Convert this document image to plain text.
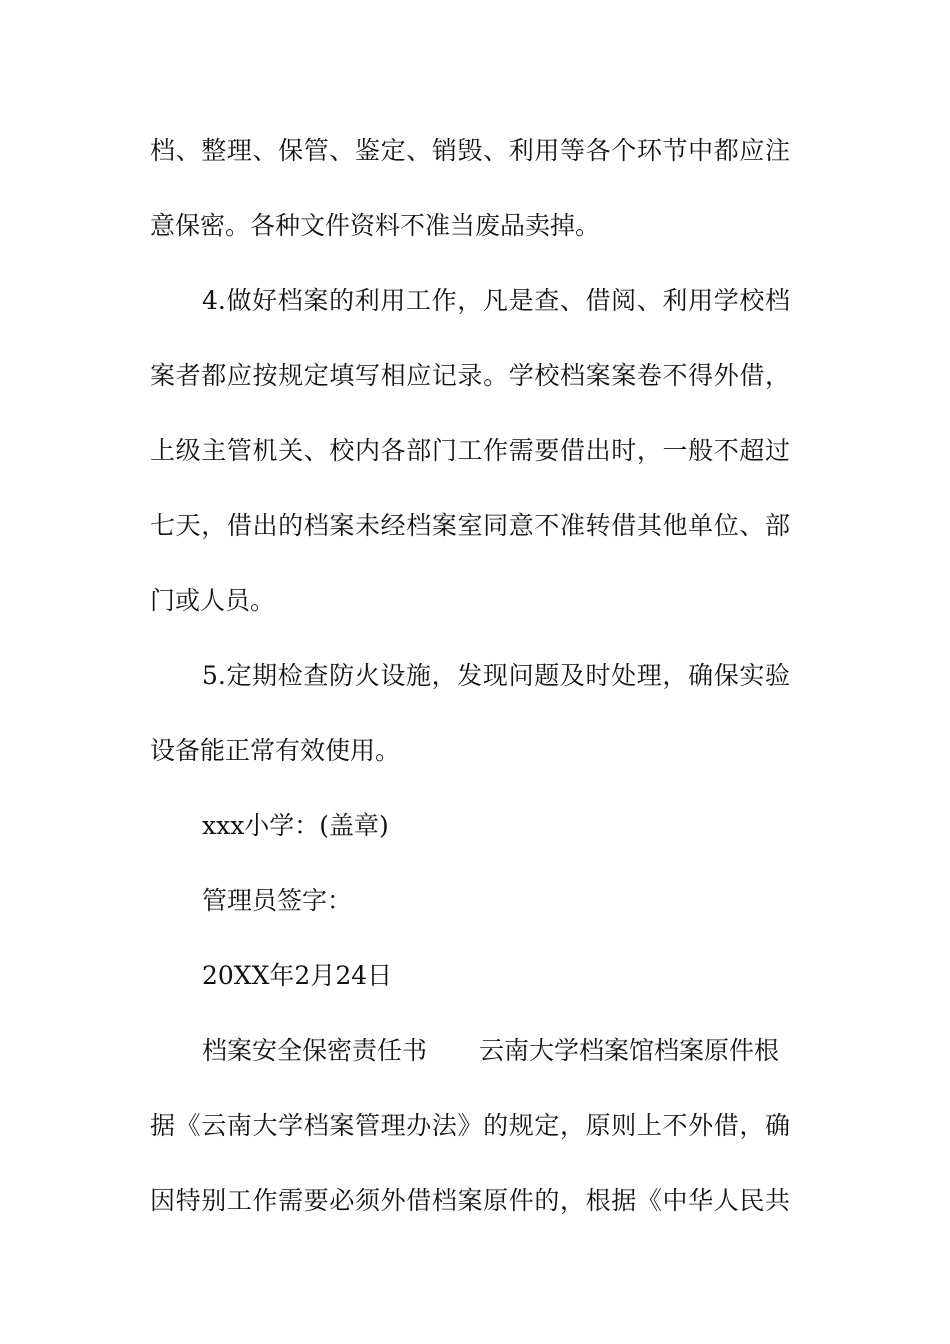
档、整理、保管、鉴定、销毁、利用等各个环节中都应注
意保密。各种文件资料不准当废品卖掉。
4.做好档案的利用工作，凡是查、借阅、利用学校档
案者都应按规定填写相应记录。学校档案案卷不得外借，
上级主管机关、校内各部门工作需要借出时，一般不超过
七天，借出的档案未经档案室同意不准转借其他单位、部
门或人员。
5.定期检查防火设施，发现问题及时处理，确保实验
设备能正常有效使用。
xxx小学：(盖章)
管理员签字：
20XX年2月24日
档案安全保密责任书 云南大学档案馆档案原件根
据《云南大学档案管理办法》的规定，原则上不外借，确
因特别工作需要必须外借档案原件的，根据《中华人民共
